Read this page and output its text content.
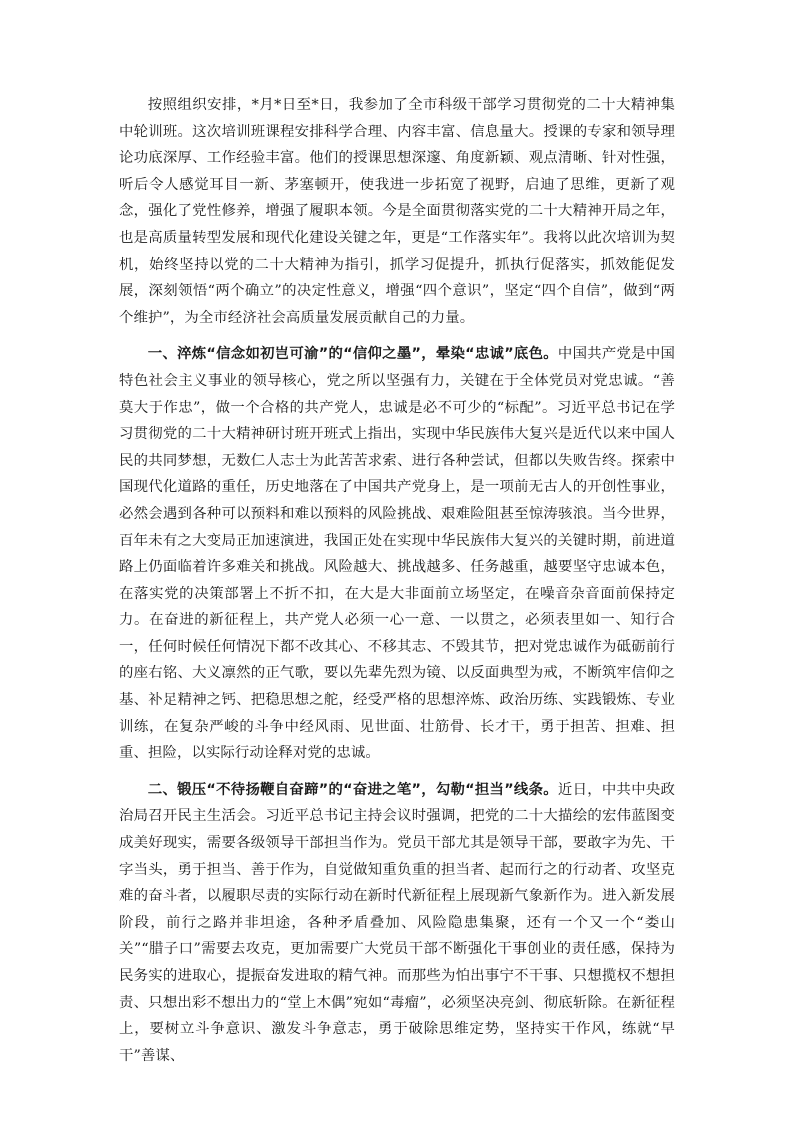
按照组织安排，*月*日至*日，我参加了全市科级干部学习贯彻党的二十大精神集中轮训班。这次培训班课程安排科学合理、内容丰富、信息量大。授课的专家和领导理论功底深厚、工作经验丰富。他们的授课思想深邃、角度新颖、观点清晰、针对性强，听后令人感觉耳目一新、茅塞顿开，使我进一步拓宽了视野，启迪了思维，更新了观念，强化了党性修养，增强了履职本领。今是全面贯彻落实党的二十大精神开局之年，也是高质量转型发展和现代化建设关键之年，更是“工作落实年”。我将以此次培训为契机，始终坚持以党的二十大精神为指引，抓学习促提升，抓执行促落实，抓效能促发展，深刻领悟“两个确立”的决定性意义，增强“四个意识”，坚定“四个自信”，做到“两个维护”，为全市经济社会高质量发展贡献自己的力量。

一、淬炼“信念如初岂可渝”的“信仰之墨”，晕染“忠诚”底色。中国共产党是中国特色社会主义事业的领导核心，党之所以坚强有力，关键在于全体党员对党忠诚。“善莫大于作忠”，做一个合格的共产党人，忠诚是必不可少的“标配”。习近平总书记在学习贯彻党的二十大精神研讨班开班式上指出，实现中华民族伟大复兴是近代以来中国人民的共同梦想，无数仁人志士为此苦苦求索、进行各种尝试，但都以失败告终。探索中国现代化道路的重任，历史地落在了中国共产党身上，是一项前无古人的开创性事业，必然会遇到各种可以预料和难以预料的风险挑战、艰难险阻甚至惊涛骇浪。当今世界，百年未有之大变局正加速演进，我国正处在实现中华民族伟大复兴的关键时期，前进道路上仍面临着许多难关和挑战。风险越大、挑战越多、任务越重，越要坚守忠诚本色，在落实党的决策部署上不折不扣，在大是大非面前立场坚定，在噪音杂音面前保持定力。在奋进的新征程上，共产党人必须一心一意、一以贯之，必须表里如一、知行合一，任何时候任何情况下都不改其心、不移其志、不毁其节，把对党忠诚作为砥砺前行的座右铭、大义凛然的正气歌，要以先辈先烈为镜、以反面典型为戒，不断筑牢信仰之基、补足精神之钙、把稳思想之舵，经受严格的思想淬炼、政治历练、实践锻炼、专业训练，在复杂严峻的斗争中经风雨、见世面、壮筋骨、长才干，勇于担苦、担难、担重、担险，以实际行动诠释对党的忠诚。

二、锻压“不待扬鞭自奋蹄”的“奋进之笔”，勾勒“担当”线条。近日，中共中央政治局召开民主生活会。习近平总书记主持会议时强调，把党的二十大描绘的宏伟蓝图变成美好现实，需要各级领导干部担当作为。党员干部尤其是领导干部，要敢字为先、干字当头，勇于担当、善于作为，自觉做知重负重的担当者、起而行之的行动者、攻坚克难的奋斗者，以履职尽责的实际行动在新时代新征程上展现新气象新作为。进入新发展阶段，前行之路并非坦途，各种矛盾叠加、风险隐患集聚，还有一个又一个“娄山关”“腊子口”需要去攻克，更加需要广大党员干部不断强化干事创业的责任感，保持为民务实的进取心，提振奋发进取的精气神。而那些为怕出事宁不干事、只想揽权不想担责、只想出彩不想出力的“堂上木偶”宛如“毒瘤”，必须坚决亮剑、彻底斩除。在新征程上，要树立斗争意识、激发斗争意志，勇于破除思维定势，坚持实干作风，练就“早干”善谋、
